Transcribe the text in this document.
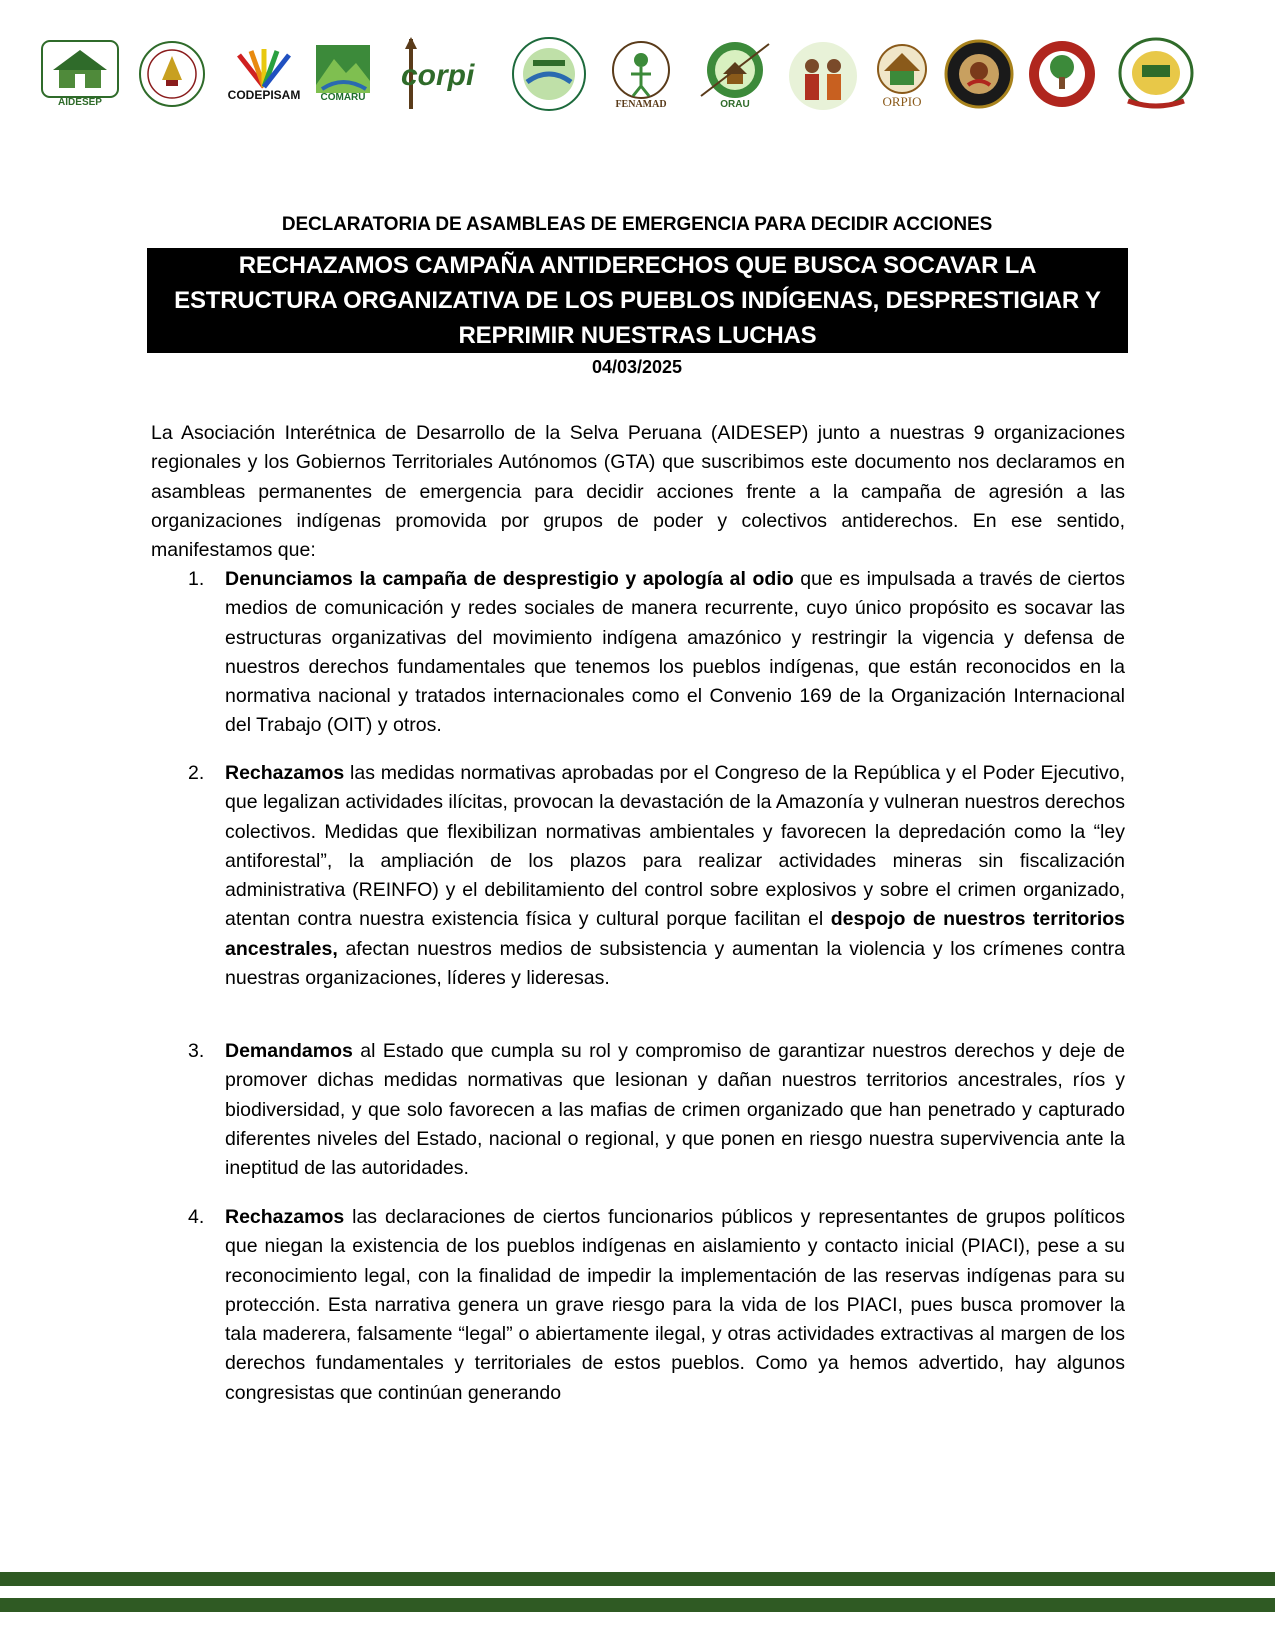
AIDESEP
CODEPISAM COMARU
corpi
FENAMAD	ORAU	ORPIO
DECLARATORIA DE ASAMBLEAS DE EMERGENCIA PARA DECIDIR ACCIONES
RECHAZAMOS CAMPAÑA ANTIDERECHOS QUE BUSCA SOCAVAR LA
ESTRUCTURA ORGANIZATIVA DE LOS PUEBLOS INDÍGENAS, DESPRESTIGIAR Y
REPRIMIR NUESTRAS LUCHAS
04/03/2025
La Asociación Interétnica de Desarrollo de la Selva Peruana (AIDESEP) junto a nuestras 9 organizaciones regionales y los Gobiernos Territoriales Autónomos (GTA) que suscribimos este documento nos declaramos en asambleas permanentes de emergencia para decidir acciones frente a la campaña de agresión a las organizaciones indígenas promovida por grupos de poder y colectivos antiderechos. En ese sentido, manifestamos que:
1. Denunciamos la campaña de desprestigio y apología al odio que es impulsada a través de ciertos medios de comunicación y redes sociales de manera recurrente, cuyo único propósito es socavar las estructuras organizativas del movimiento indígena amazónico y restringir la vigencia y defensa de nuestros derechos fundamentales que tenemos los pueblos indígenas, que están reconocidos en la normativa nacional y tratados internacionales como el Convenio 169 de la Organización Internacional del Trabajo (OIT) y otros.
2. Rechazamos las medidas normativas aprobadas por el Congreso de la República y el Poder Ejecutivo, que legalizan actividades ilícitas, provocan la devastación de la Amazonía y vulneran nuestros derechos colectivos. Medidas que flexibilizan normativas ambientales y favorecen la depredación como la “ley antiforestal”, la ampliación de los plazos para realizar actividades mineras sin fiscalización administrativa (REINFO) y el debilitamiento del control sobre explosivos y sobre el crimen organizado, atentan contra nuestra existencia física y cultural porque facilitan el despojo de nuestros territorios ancestrales, afectan nuestros medios de subsistencia y aumentan la violencia y los crímenes contra nuestras organizaciones, líderes y lideresas.
3. Demandamos al Estado que cumpla su rol y compromiso de garantizar nuestros derechos y deje de promover dichas medidas normativas que lesionan y dañan nuestros territorios ancestrales, ríos y biodiversidad, y que solo favorecen a las mafias de crimen organizado que han penetrado y capturado diferentes niveles del Estado, nacional o regional, y que ponen en riesgo nuestra supervivencia ante la ineptitud de las autoridades.
4. Rechazamos las declaraciones de ciertos funcionarios públicos y representantes de grupos políticos que niegan la existencia de los pueblos indígenas en aislamiento y contacto inicial (PIACI), pese a su reconocimiento legal, con la finalidad de impedir la implementación de las reservas indígenas para su protección. Esta narrativa genera un grave riesgo para la vida de los PIACI, pues busca promover la tala maderera, falsamente “legal” o abiertamente ilegal, y otras actividades extractivas al margen de los derechos fundamentales y territoriales de estos pueblos. Como ya hemos advertido, hay algunos congresistas que continúan generando
